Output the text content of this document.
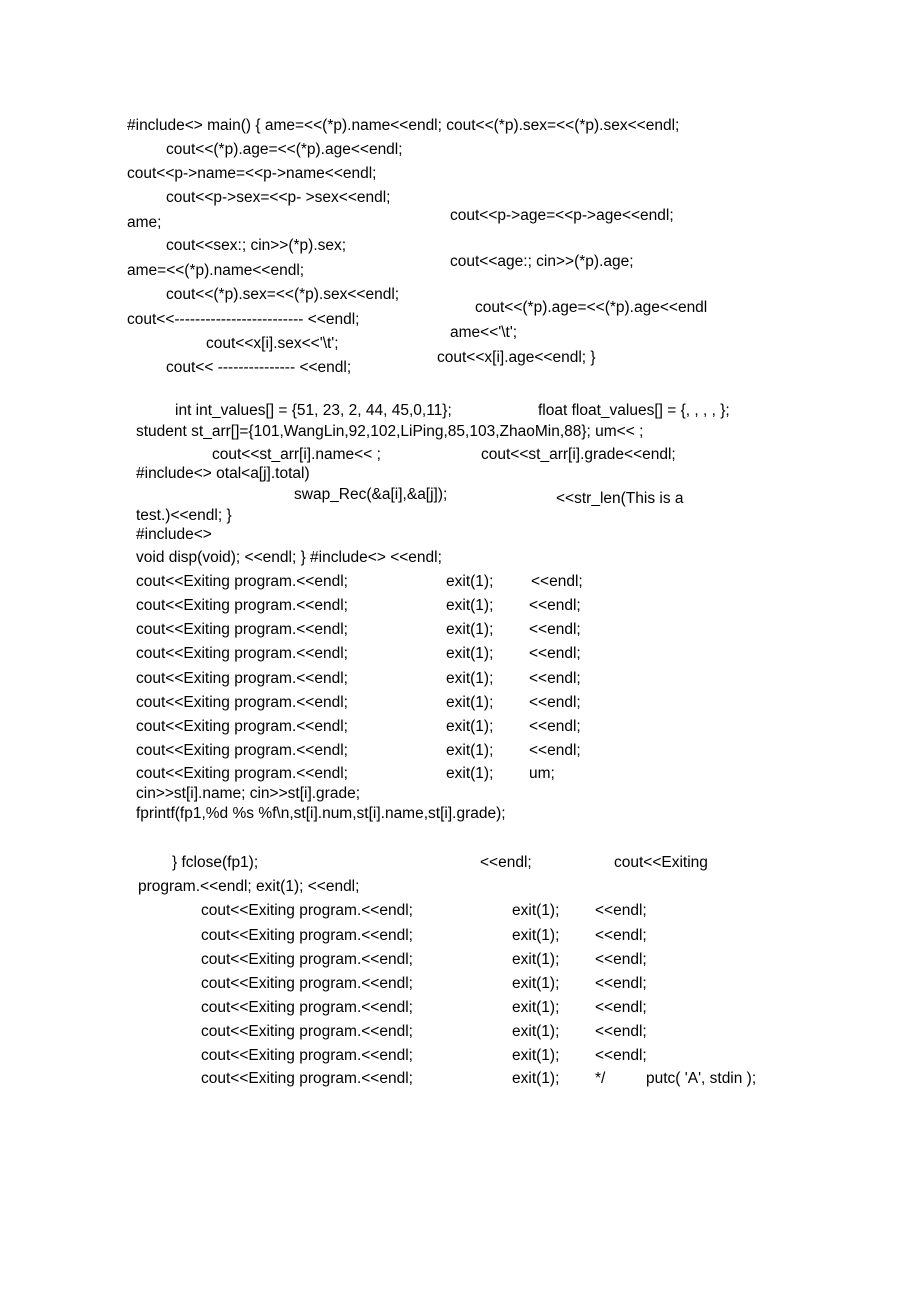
#include<> main() { ame=<<(*p).name<<endl; cout<<(*p).sex=<<(*p).sex<<endl;
cout<<(*p).age=<<(*p).age<<endl;
cout<<p->name=<<p->name<<endl;
cout<<p->sex=<<p- >sex<<endl;
ame;	cout<<p->age=<<p->age<<endl;
cout<<sex:; cin>>(*p).sex;
ame=<<(*p).name<<endl;
cout<<age:; cin>>(*p).age;
cout<<(*p).sex=<<(*p).sex<<endl;
cout<<(*p).age=<<(*p).age<<endl
cout<<------------------------- <<endl;
ame<<'\t';
cout<<x[i].sex<<'\t';
cout<<x[i].age<<endl; }
cout<< --------------- <<endl;
int int_values[] = {51, 23, 2, 44, 45,0,11};	float float_values[] = {, , , , };
student st_arr[]={101,WangLin,92,102,LiPing,85,103,ZhaoMin,88}; um<< ;
cout<<st_arr[i].name<< ;	cout<<st_arr[i].grade<<endl;
#include<> otal<a[j].total)
swap_Rec(&a[i],&a[j]);	<<str_len(This is a
test.)<<endl; }
#include<>
void disp(void); <<endl; } #include<> <<endl;
cout<<Exiting program.<<endl;	exit(1); <<endl;
cout<<Exiting program.<<endl;	exit(1); <<endl;
cout<<Exiting program.<<endl;	exit(1); <<endl;
cout<<Exiting program.<<endl;	exit(1); <<endl;
cout<<Exiting program.<<endl;	exit(1); <<endl;
cout<<Exiting program.<<endl;	exit(1); <<endl;
cout<<Exiting program.<<endl;	exit(1); <<endl;
cout<<Exiting program.<<endl;	exit(1); <<endl;
cout<<Exiting program.<<endl;	exit(1); um;
cin>>st[i].name; cin>>st[i].grade;
fprintf(fp1,%d %s %f\n,st[i].num,st[i].name,st[i].grade);
} fclose(fp1);	<<endl;	cout<<Exiting
program.<<endl; exit(1); <<endl;
cout<<Exiting program.<<endl;	exit(1); <<endl;
cout<<Exiting program.<<endl;	exit(1); <<endl;
cout<<Exiting program.<<endl;	exit(1); <<endl;
cout<<Exiting program.<<endl;	exit(1); <<endl;
cout<<Exiting program.<<endl;	exit(1); <<endl;
cout<<Exiting program.<<endl;	exit(1); <<endl;
cout<<Exiting program.<<endl;	exit(1); <<endl;
cout<<Exiting program.<<endl;	exit(1); */	putc( 'A', stdin );
